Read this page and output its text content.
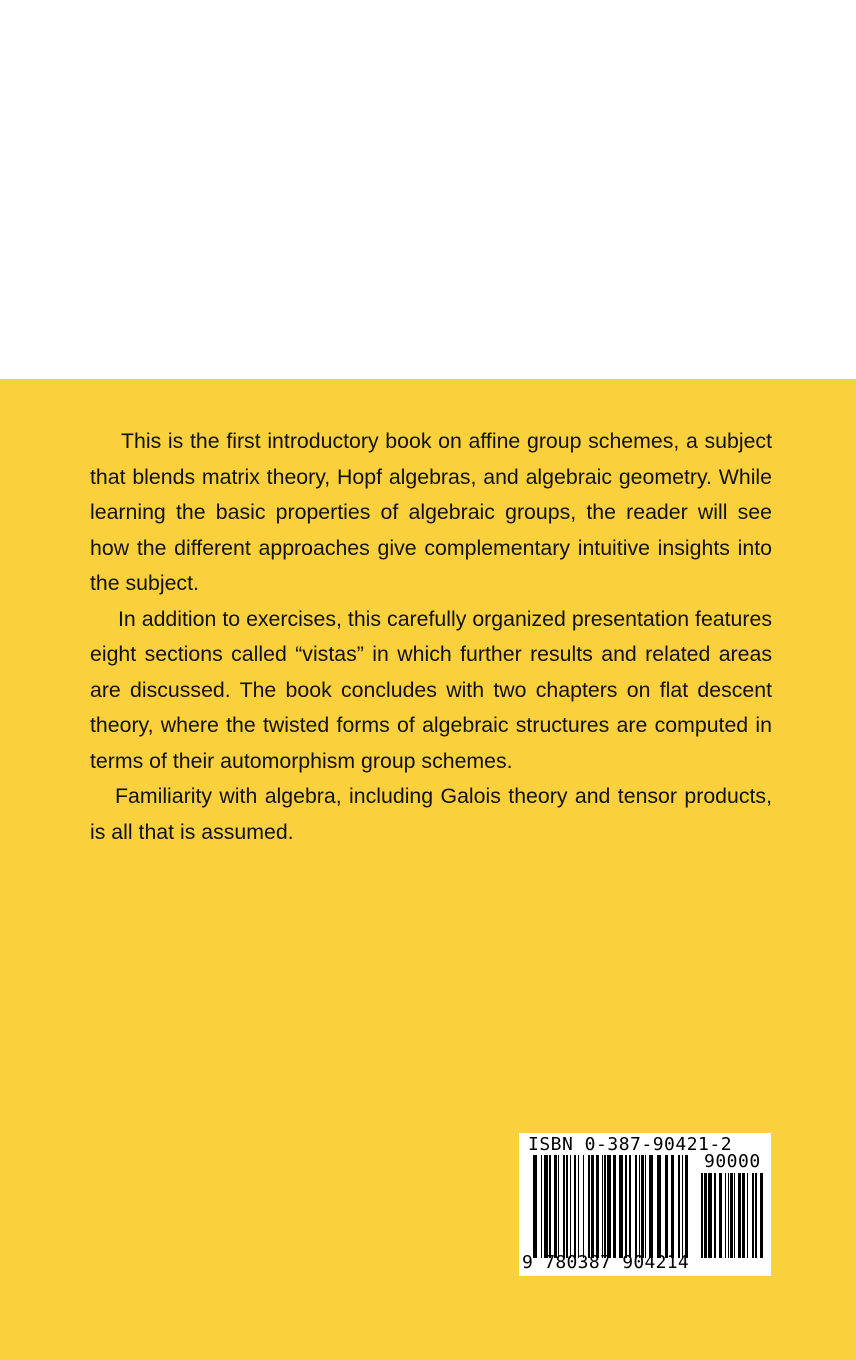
This is the first introductory book on affine group schemes, a subject that blends matrix theory, Hopf algebras, and algebraic geometry. While learning the basic properties of algebraic groups, the reader will see how the different approaches give complementary intuitive insights into the subject.

In addition to exercises, this carefully organized presentation features eight sections called “vistas” in which further results and related areas are discussed. The book concludes with two chapters on flat descent theory, where the twisted forms of algebraic structures are computed in terms of their automorphism group schemes.

Familiarity with algebra, including Galois theory and tensor products, is all that is assumed.

ISBN 0-387-90421-2
90000
9 780387 904214
